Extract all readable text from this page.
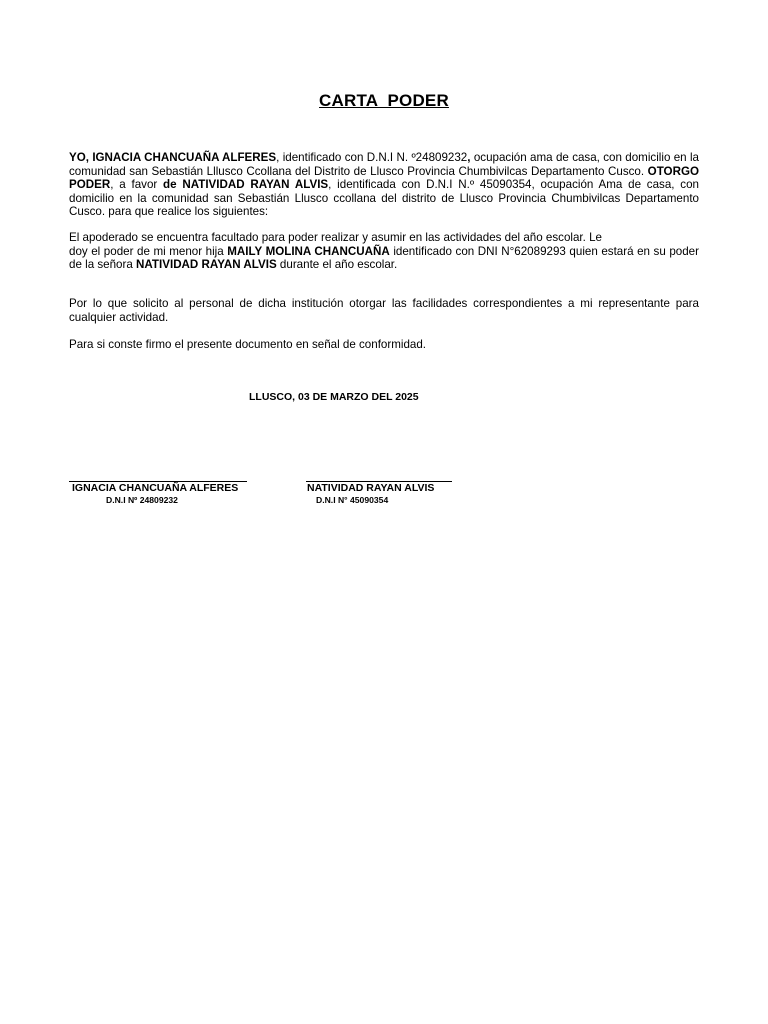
CARTA  PODER

YO, IGNACIA CHANCUAÑA ALFERES, identificado con D.N.I N. º24809232, ocupación ama de casa, con domicilio en la comunidad san Sebastián Lllusco Ccollana del Distrito de Llusco Provincia Chumbivilcas Departamento Cusco. OTORGO PODER, a favor de NATIVIDAD RAYAN ALVIS, identificada con D.N.I N.º 45090354, ocupación Ama de casa, con domicilio en la comunidad san Sebastián Llusco ccollana del distrito de Llusco Provincia Chumbivilcas Departamento Cusco. para que realice los siguientes:

El apoderado se encuentra facultado para poder realizar y asumir en las actividades del año escolar. Le
doy el poder de mi menor hija MAILY MOLINA CHANCUAÑA identificado con DNI N°62089293 quien estará en su poder de la señora NATIVIDAD RAYAN ALVIS durante el año escolar.

Por lo que solicito al personal de dicha institución otorgar las facilidades correspondientes a mi representante para cualquier actividad.

Para si conste firmo el presente documento en señal de conformidad.

LLUSCO, 03 DE MARZO DEL 2025
IGNACIA CHANCUAÑA ALFERES	NATIVIDAD RAYAN ALVIS
D.N.I Nº 24809232	D.N.I N° 45090354
